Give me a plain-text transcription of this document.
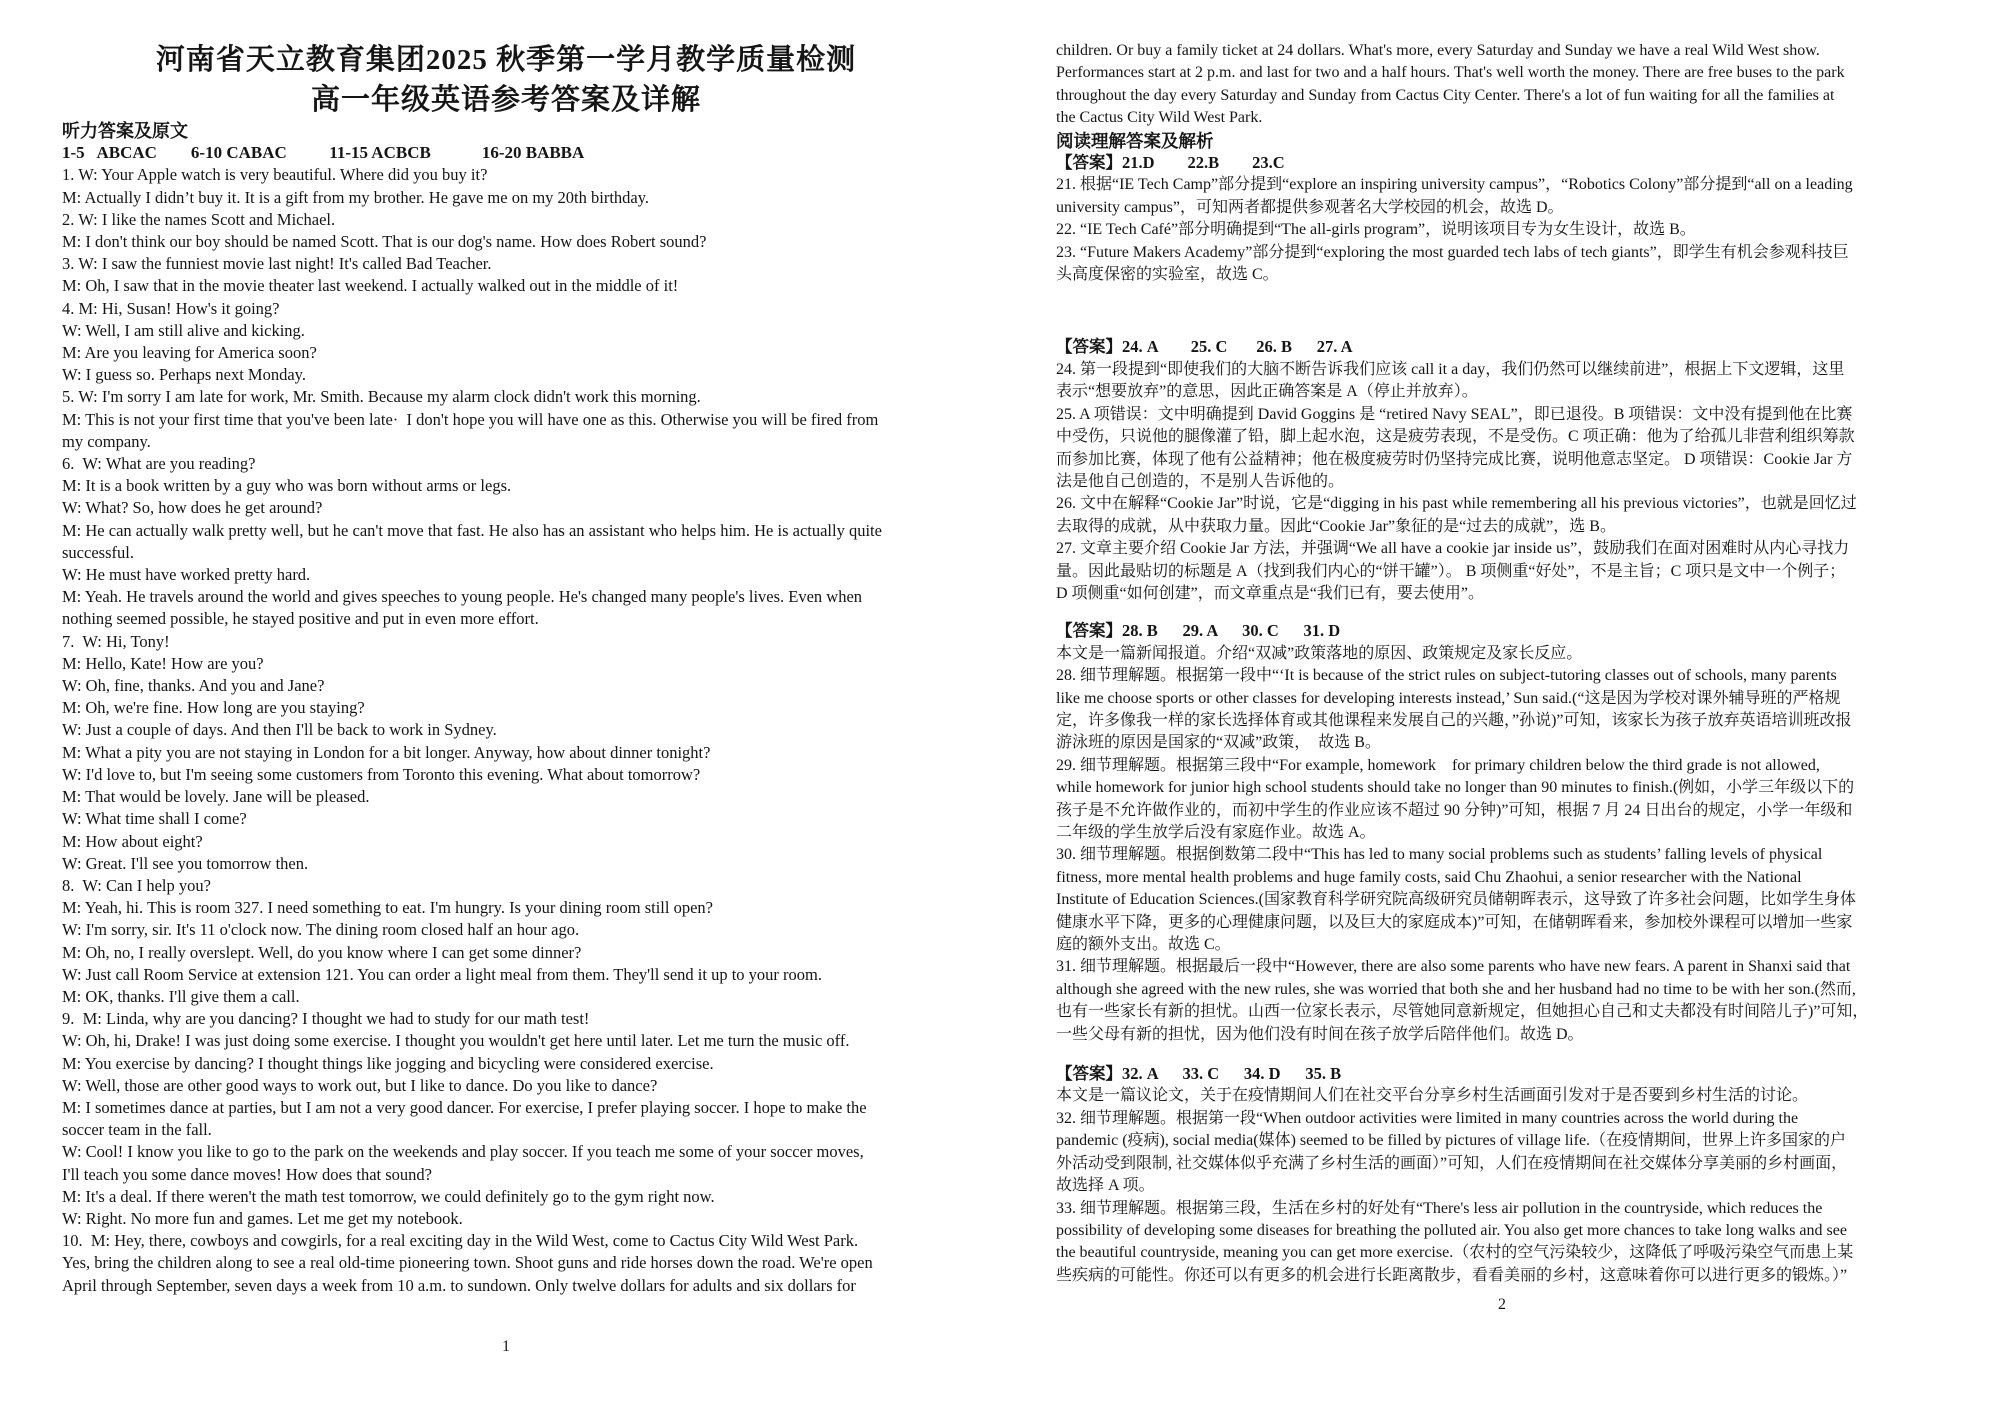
河南省天立教育集团2025 秋季第一学月教学质量检测
高一年级英语参考答案及详解
听力答案及原文
1-5   ABCAC        6-10 CABAC          11-15 ACBCB            16-20 BABBA
1. W: Your Apple watch is very beautiful. Where did you buy it?
M: Actually I didn’t buy it. It is a gift from my brother. He gave me on my 20th birthday.
2. W: I like the names Scott and Michael.
M: I don't think our boy should be named Scott. That is our dog's name. How does Robert sound?
3. W: I saw the funniest movie last night! It's called Bad Teacher.
M: Oh, I saw that in the movie theater last weekend. I actually walked out in the middle of it!
4. M: Hi, Susan! How's it going?
W: Well, I am still alive and kicking.
M: Are you leaving for America soon?
W: I guess so. Perhaps next Monday.
5. W: I'm sorry I am late for work, Mr. Smith. Because my alarm clock didn't work this morning.
M: This is not your first time that you've been late·  I don't hope you will have one as this. Otherwise you will be fired from
my company.
6.  W: What are you reading?
M: It is a book written by a guy who was born without arms or legs.
W: What? So, how does he get around?
M: He can actually walk pretty well, but he can't move that fast. He also has an assistant who helps him. He is actually quite
successful.
W: He must have worked pretty hard.
M: Yeah. He travels around the world and gives speeches to young people. He's changed many people's lives. Even when
nothing seemed possible, he stayed positive and put in even more effort.
7.  W: Hi, Tony!
M: Hello, Kate! How are you?
W: Oh, fine, thanks. And you and Jane?
M: Oh, we're fine. How long are you staying?
W: Just a couple of days. And then I'll be back to work in Sydney.
M: What a pity you are not staying in London for a bit longer. Anyway, how about dinner tonight?
W: I'd love to, but I'm seeing some customers from Toronto this evening. What about tomorrow?
M: That would be lovely. Jane will be pleased.
W: What time shall I come?
M: How about eight?
W: Great. I'll see you tomorrow then.
8.  W: Can I help you?
M: Yeah, hi. This is room 327. I need something to eat. I'm hungry. Is your dining room still open?
W: I'm sorry, sir. It's 11 o'clock now. The dining room closed half an hour ago.
M: Oh, no, I really overslept. Well, do you know where I can get some dinner?
W: Just call Room Service at extension 121. You can order a light meal from them. They'll send it up to your room.
M: OK, thanks. I'll give them a call.
9.  M: Linda, why are you dancing? I thought we had to study for our math test!
W: Oh, hi, Drake! I was just doing some exercise. I thought you wouldn't get here until later. Let me turn the music off.
M: You exercise by dancing? I thought things like jogging and bicycling were considered exercise.
W: Well, those are other good ways to work out, but I like to dance. Do you like to dance?
M: I sometimes dance at parties, but I am not a very good dancer. For exercise, I prefer playing soccer. I hope to make the
soccer team in the fall.
W: Cool! I know you like to go to the park on the weekends and play soccer. If you teach me some of your soccer moves,
I'll teach you some dance moves! How does that sound?
M: It's a deal. If there weren't the math test tomorrow, we could definitely go to the gym right now.
W: Right. No more fun and games. Let me get my notebook.
10.  M: Hey, there, cowboys and cowgirls, for a real exciting day in the Wild West, come to Cactus City Wild West Park.
Yes, bring the children along to see a real old-time pioneering town. Shoot guns and ride horses down the road. We're open
April through September, seven days a week from 10 a.m. to sundown. Only twelve dollars for adults and six dollars for
1
children. Or buy a family ticket at 24 dollars. What's more, every Saturday and Sunday we have a real Wild West show.
Performances start at 2 p.m. and last for two and a half hours. That's well worth the money. There are free buses to the park
throughout the day every Saturday and Sunday from Cactus City Center. There's a lot of fun waiting for all the families at
the Cactus City Wild West Park.
阅读理解答案及解析
【答案】21.D        22.B        23.C
21. 根据“IE Tech Camp”部分提到“explore an inspiring university campus”，“Robotics Colony”部分提到“all on a leading
university campus”，可知两者都提供参观著名大学校园的机会，故选 D。
22. “IE Tech Café”部分明确提到“The all-girls program”，说明该项目专为女生设计，故选 B。
23. “Future Makers Academy”部分提到“exploring the most guarded tech labs of tech giants”，即学生有机会参观科技巨
头高度保密的实验室，故选 C。
【答案】24. A        25. C       26. B      27. A
24. 第一段提到“即使我们的大脑不断告诉我们应该 call it a day，我们仍然可以继续前进”，根据上下文逻辑，这里
表示“想要放弃”的意思，因此正确答案是 A（停止并放弃）。
25. A 项错误：文中明确提到 David Goggins 是 “retired Navy SEAL”，即已退役。B 项错误：文中没有提到他在比赛
中受伤，只说他的腿像灌了铅，脚上起水泡，这是疲劳表现，不是受伤。C 项正确：他为了给孤儿非营利组织筹款
而参加比赛，体现了他有公益精神；他在极度疲劳时仍坚持完成比赛，说明他意志坚定。 D 项错误：Cookie Jar 方
法是他自己创造的，不是别人告诉他的。
26. 文中在解释“Cookie Jar”时说，它是“digging in his past while remembering all his previous victories”，也就是回忆过
去取得的成就，从中获取力量。因此“Cookie Jar”象征的是“过去的成就”，选 B。
27. 文章主要介绍 Cookie Jar 方法，并强调“We all have a cookie jar inside us”，鼓励我们在面对困难时从内心寻找力
量。因此最贴切的标题是 A（找到我们内心的“饼干罐”）。 B 项侧重“好处”，不是主旨；C 项只是文中一个例子；
D 项侧重“如何创建”，而文章重点是“我们已有，要去使用”。
【答案】28. B      29. A      30. C      31. D
本文是一篇新闻报道。介绍“双减”政策落地的原因、政策规定及家长反应。
28. 细节理解题。根据第一段中“‘It is because of the strict rules on subject-tutoring classes out of schools, many parents
like me choose sports or other classes for developing interests instead,’ Sun said.(“这是因为学校对课外辅导班的严格规
定，许多像我一样的家长选择体育或其他课程来发展自己的兴趣，”孙说)”可知，该家长为孩子放弃英语培训班改报
游泳班的原因是国家的“双减”政策，  故选 B。
29. 细节理解题。根据第三段中“For example, homework    for primary children below the third grade is not allowed,
while homework for junior high school students should take no longer than 90 minutes to finish.(例如，小学三年级以下的
孩子是不允许做作业的，而初中学生的作业应该不超过 90 分钟)”可知，根据 7 月 24 日出台的规定，小学一年级和
二年级的学生放学后没有家庭作业。故选 A。
30. 细节理解题。根据倒数第二段中“This has led to many social problems such as students’ falling levels of physical
fitness, more mental health problems and huge family costs, said Chu Zhaohui, a senior researcher with the National
Institute of Education Sciences.(国家教育科学研究院高级研究员储朝晖表示，这导致了许多社会问题，比如学生身体
健康水平下降，更多的心理健康问题，以及巨大的家庭成本)”可知，在储朝晖看来，参加校外课程可以增加一些家
庭的额外支出。故选 C。
31. 细节理解题。根据最后一段中“However, there are also some parents who have new fears. A parent in Shanxi said that
although she agreed with the new rules, she was worried that both she and her husband had no time to be with her son.(然而,
也有一些家长有新的担忧。山西一位家长表示，尽管她同意新规定，但她担心自己和丈夫都没有时间陪儿子)”可知，
一些父母有新的担忧，因为他们没有时间在孩子放学后陪伴他们。故选 D。
【答案】32. A      33. C      34. D      35. B
本文是一篇议论文，关于在疫情期间人们在社交平台分享乡村生活画面引发对于是否要到乡村生活的讨论。
32. 细节理解题。根据第一段“When outdoor activities were limited in many countries across the world during the
pandemic (疫病), social media(媒体) seemed to be filled by pictures of village life.（在疫情期间，世界上许多国家的户
外活动受到限制, 社交媒体似乎充满了乡村生活的画面）”可知，人们在疫情期间在社交媒体分享美丽的乡村画面，
故选择 A 项。
33. 细节理解题。根据第三段，生活在乡村的好处有“There's less air pollution in the countryside, which reduces the
possibility of developing some diseases for breathing the polluted air. You also get more chances to take long walks and see
the beautiful countryside, meaning you can get more exercise.（农村的空气污染较少，这降低了呼吸污染空气而患上某
些疾病的可能性。你还可以有更多的机会进行长距离散步，看看美丽的乡村，这意味着你可以进行更多的锻炼。）”
2
